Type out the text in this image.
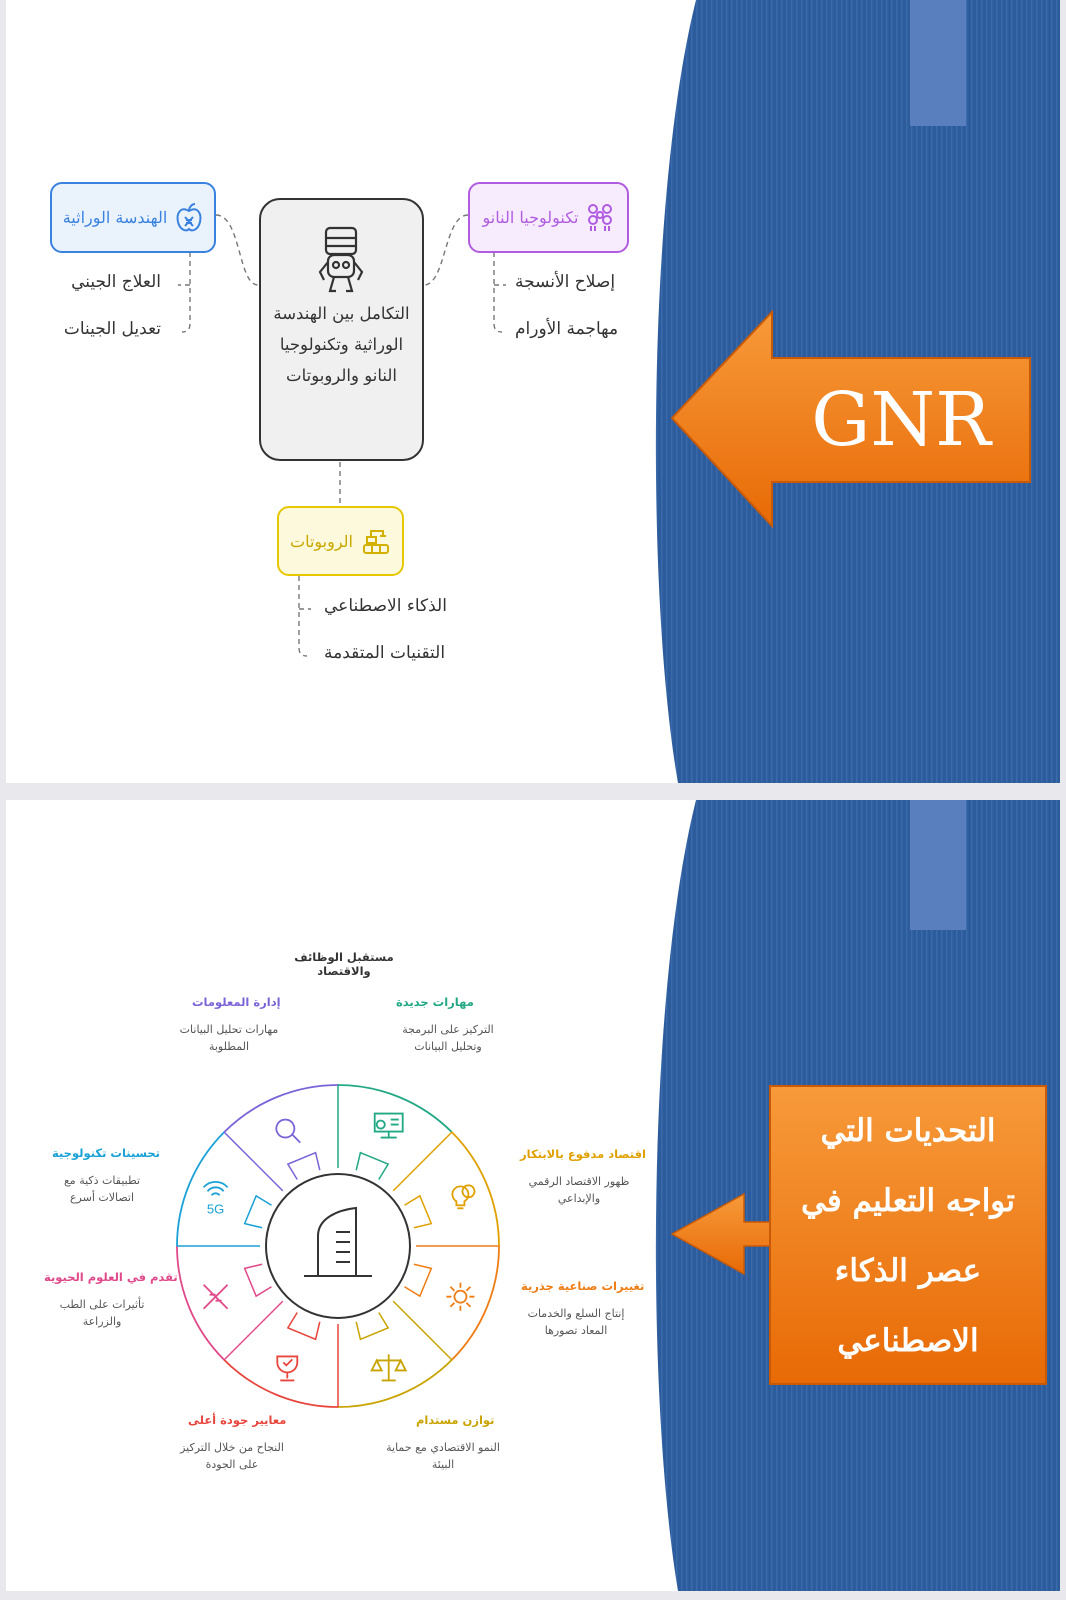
التكامل بين الهندسة الوراثية وتكنولوجيا النانو والروبوتات
الهندسة الوراثية
العلاج الجيني
تعديل الجينات
تكنولوجيا النانو
إصلاح الأنسجة
مهاجمة الأورام
الروبوتات
الذكاء الاصطناعي
التقنيات المتقدمة
GNR
5G
مستقبل الوظائف والاقتصاد
مهارات جديدة
التركيز على البرمجة وتحليل البيانات
اقتصاد مدفوع بالابتكار
ظهور الاقتصاد الرقمي والإبداعي
تغييرات صناعية جذرية
إنتاج السلع والخدمات المعاد تصورها
توازن مستدام
النمو الاقتصادي مع حماية البيئة
معايير جودة أعلى
النجاح من خلال التركيز على الجودة
تقدم في العلوم الحيوية
تأثيرات على الطب والزراعة
تحسينات تكنولوجية
تطبيقات ذكية مع اتصالات أسرع
إدارة المعلومات
مهارات تحليل البيانات المطلوبة
التحديات التي تواجه التعليم في عصر الذكاء الاصطناعي
